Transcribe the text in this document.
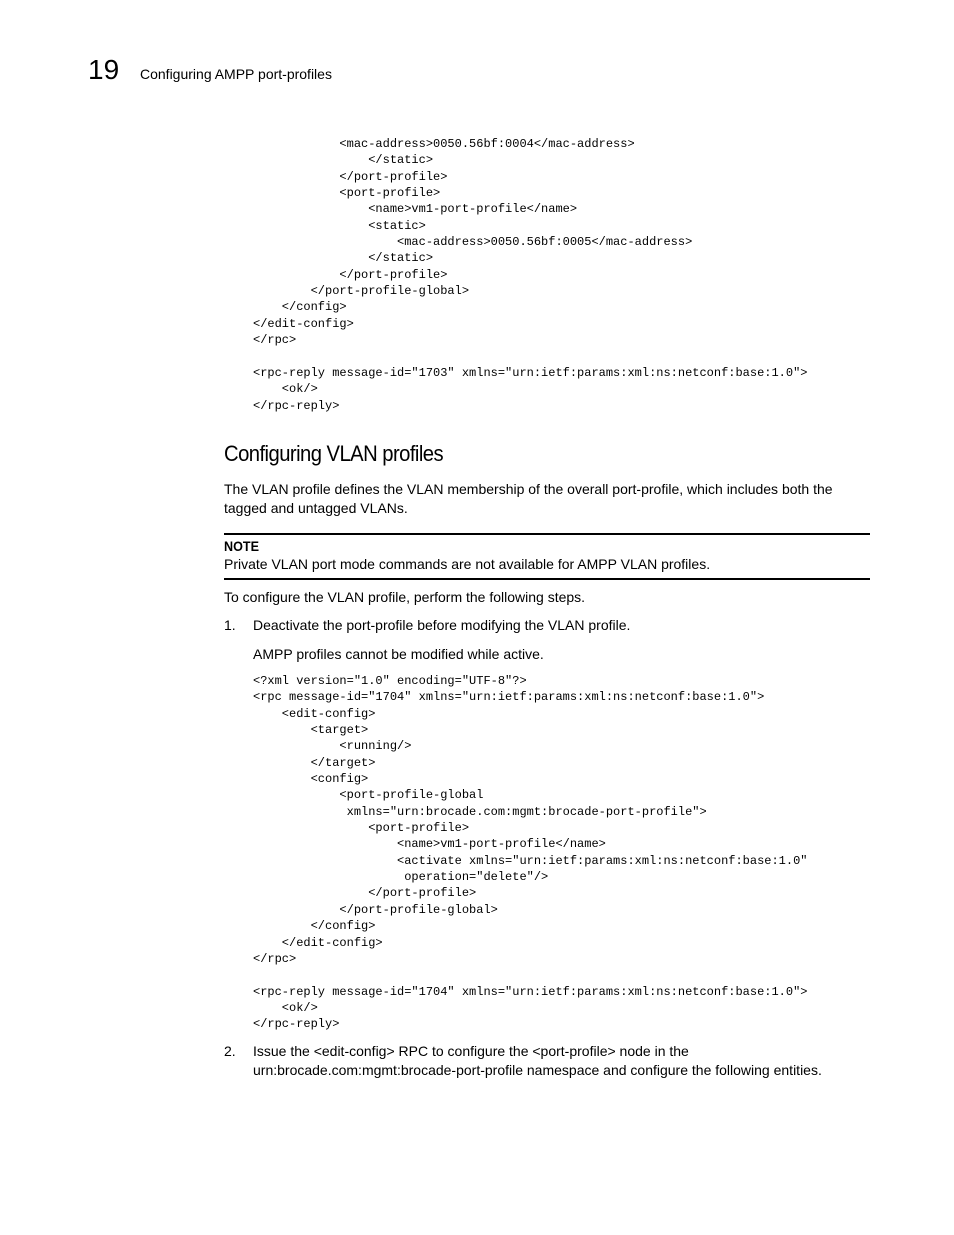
19 Configuring AMPP port-profiles
<mac-address>0050.56bf:0004</mac-address>
</static>
</port-profile>
<port-profile>
<name>vm1-port-profile</name>
<static>
<mac-address>0050.56bf:0005</mac-address>
</static>
</port-profile>
</port-profile-global>
</config>
</edit-config>
</rpc>

<rpc-reply message-id="1703" xmlns="urn:ietf:params:xml:ns:netconf:base:1.0">
<ok/>
</rpc-reply>
Configuring VLAN profiles

The VLAN profile defines the VLAN membership of the overall port-profile, which includes both the tagged and untagged VLANs.

NOTE
Private VLAN port mode commands are not available for AMPP VLAN profiles.

To configure the VLAN profile, perform the following steps.

1. Deactivate the port-profile before modifying the VLAN profile.
AMPP profiles cannot be modified while active.
<?xml version="1.0" encoding="UTF-8"?>
<rpc message-id="1704" xmlns="urn:ietf:params:xml:ns:netconf:base:1.0">
<edit-config>
<target>
<running/>
</target>
<config>
<port-profile-global
xmlns="urn:brocade.com:mgmt:brocade-port-profile">
<port-profile>
<name>vm1-port-profile</name>
<activate xmlns="urn:ietf:params:xml:ns:netconf:base:1.0"
operation="delete"/>
</port-profile>
</port-profile-global>
</config>
</edit-config>
</rpc>

<rpc-reply message-id="1704" xmlns="urn:ietf:params:xml:ns:netconf:base:1.0">
<ok/>
</rpc-reply>
2. Issue the <edit-config> RPC to configure the <port-profile> node in the urn:brocade.com:mgmt:brocade-port-profile namespace and configure the following entities.
